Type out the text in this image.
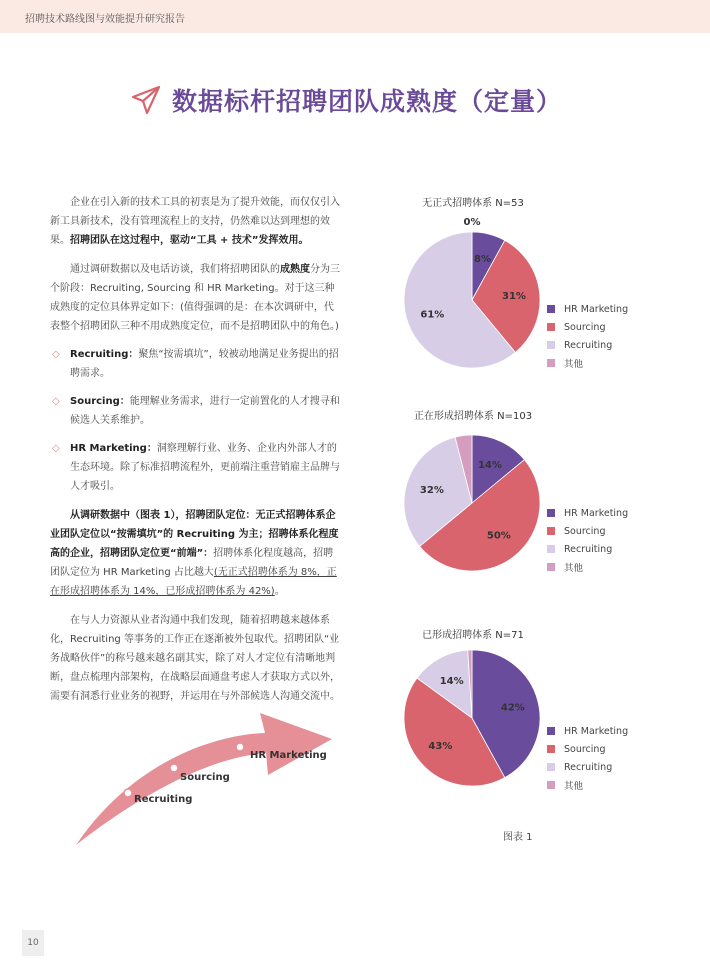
招聘技术路线图与效能提升研究报告
数据标杆招聘团队成熟度（定量）

企业在引入新的技术工具的初衷是为了提升效能，而仅仅引入新工具新技术，没有管理流程上的支持，仍然难以达到理想的效果。招聘团队在这过程中，驱动“工具 + 技术”发挥效用。

通过调研数据以及电话访谈，我们将招聘团队的成熟度分为三个阶段：Recruiting, Sourcing 和 HR Marketing。对于这三种成熟度的定位具体界定如下：(值得强调的是：在本次调研中，代表整个招聘团队三种不用成熟度定位，而不是招聘团队中的角色。)

◇ Recruiting：聚焦“按需填坑”，较被动地满足业务提出的招聘需求。
◇ Sourcing：能理解业务需求，进行一定前置化的人才搜寻和候选人关系维护。
◇ HR Marketing：洞察理解行业、业务、企业内外部人才的生态环境。除了标准招聘流程外，更前端注重营销雇主品牌与人才吸引。

从调研数据中（图表 1），招聘团队定位：无正式招聘体系企业团队定位以“按需填坑”的 Recruiting 为主；招聘体系化程度高的企业，招聘团队定位更“前端”：招聘体系化程度越高，招聘团队定位为 HR Marketing 占比越大(无正式招聘体系为 8%，正在形成招聘体系为 14%，已形成招聘体系为 42%)。

在与人力资源从业者沟通中我们发现，随着招聘越来越体系化，Recruiting 等事务的工作正在逐渐被外包取代。招聘团队“业务战略伙伴”的称号越来越名副其实，除了对人才定位有清晰地判断，盘点梳理内部架构，在战略层面通盘考虑人才获取方式以外，需要有洞悉行业业务的视野，并运用在与外部候选人沟通交流中。

Recruiting
Sourcing
HR Marketing
无正式招聘体系 N=53
8%
31%
61%
0%
正在形成招聘体系 N=103
14%
50%
32%
已形成招聘体系 N=71
42%
43%
14%
HR Marketing
Sourcing
Recruiting
其他
HR Marketing
Sourcing
Recruiting
其他
HR Marketing
Sourcing
Recruiting
其他
图表 1
10
